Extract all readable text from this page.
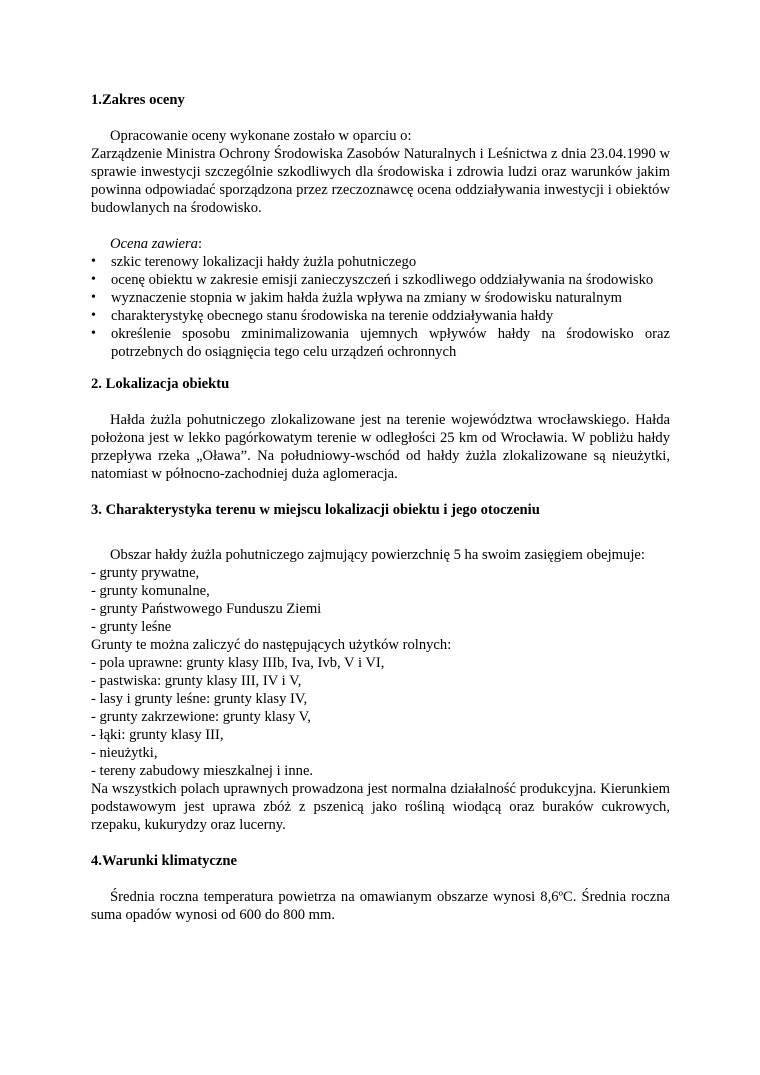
1.Zakres oceny

Opracowanie oceny wykonane zostało w oparciu o:

Zarządzenie Ministra Ochrony Środowiska Zasobów Naturalnych i Leśnictwa z dnia 23.04.1990 w sprawie inwestycji szczególnie szkodliwych dla środowiska i zdrowia ludzi oraz warunków jakim powinna odpowiadać sporządzona przez rzeczoznawcę ocena oddziaływania inwestycji i obiektów budowlanych na środowisko.

Ocena zawiera:

• szkic terenowy lokalizacji hałdy żużla pohutniczego
• ocenę obiektu w zakresie emisji zanieczyszczeń i szkodliwego oddziaływania na środowisko
• wyznaczenie stopnia w jakim hałda żużla wpływa na zmiany w środowisku naturalnym
• charakterystykę obecnego stanu środowiska na terenie oddziaływania hałdy
• określenie sposobu zminimalizowania ujemnych wpływów hałdy na środowisko oraz potrzebnych do osiągnięcia tego celu urządzeń ochronnych
2. Lokalizacja obiektu

Hałda żużla pohutniczego zlokalizowane jest na terenie województwa wrocławskiego. Hałda położona jest w lekko pagórkowatym terenie w odległości 25 km od Wrocławia. W pobliżu hałdy przepływa rzeka „Oława”. Na południowy-wschód od hałdy żużla zlokalizowane są nieużytki, natomiast w północno-zachodniej duża aglomeracja.

3. Charakterystyka terenu w miejscu lokalizacji obiektu i jego otoczeniu

Obszar hałdy żużla pohutniczego zajmujący powierzchnię 5 ha swoim zasięgiem obejmuje:

- grunty prywatne,
- grunty komunalne,
- grunty Państwowego Funduszu Ziemi
- grunty leśne

Grunty te można zaliczyć do następujących użytków rolnych:

- pola uprawne: grunty klasy IIIb, Iva, Ivb, V i VI,
- pastwiska: grunty klasy III, IV i V,
- lasy i grunty leśne: grunty klasy IV,
- grunty zakrzewione: grunty klasy V,
- łąki: grunty klasy III,
- nieużytki,
- tereny zabudowy mieszkalnej i inne.

Na wszystkich polach uprawnych prowadzona jest normalna działalność produkcyjna. Kierunkiem podstawowym jest uprawa zbóż z pszenicą jako rośliną wiodącą oraz buraków cukrowych, rzepaku, kukurydzy oraz lucerny.

4.Warunki klimatyczne

Średnia roczna temperatura powietrza na omawianym obszarze wynosi 8,6ºC. Średnia roczna suma opadów wynosi od 600 do 800 mm.
